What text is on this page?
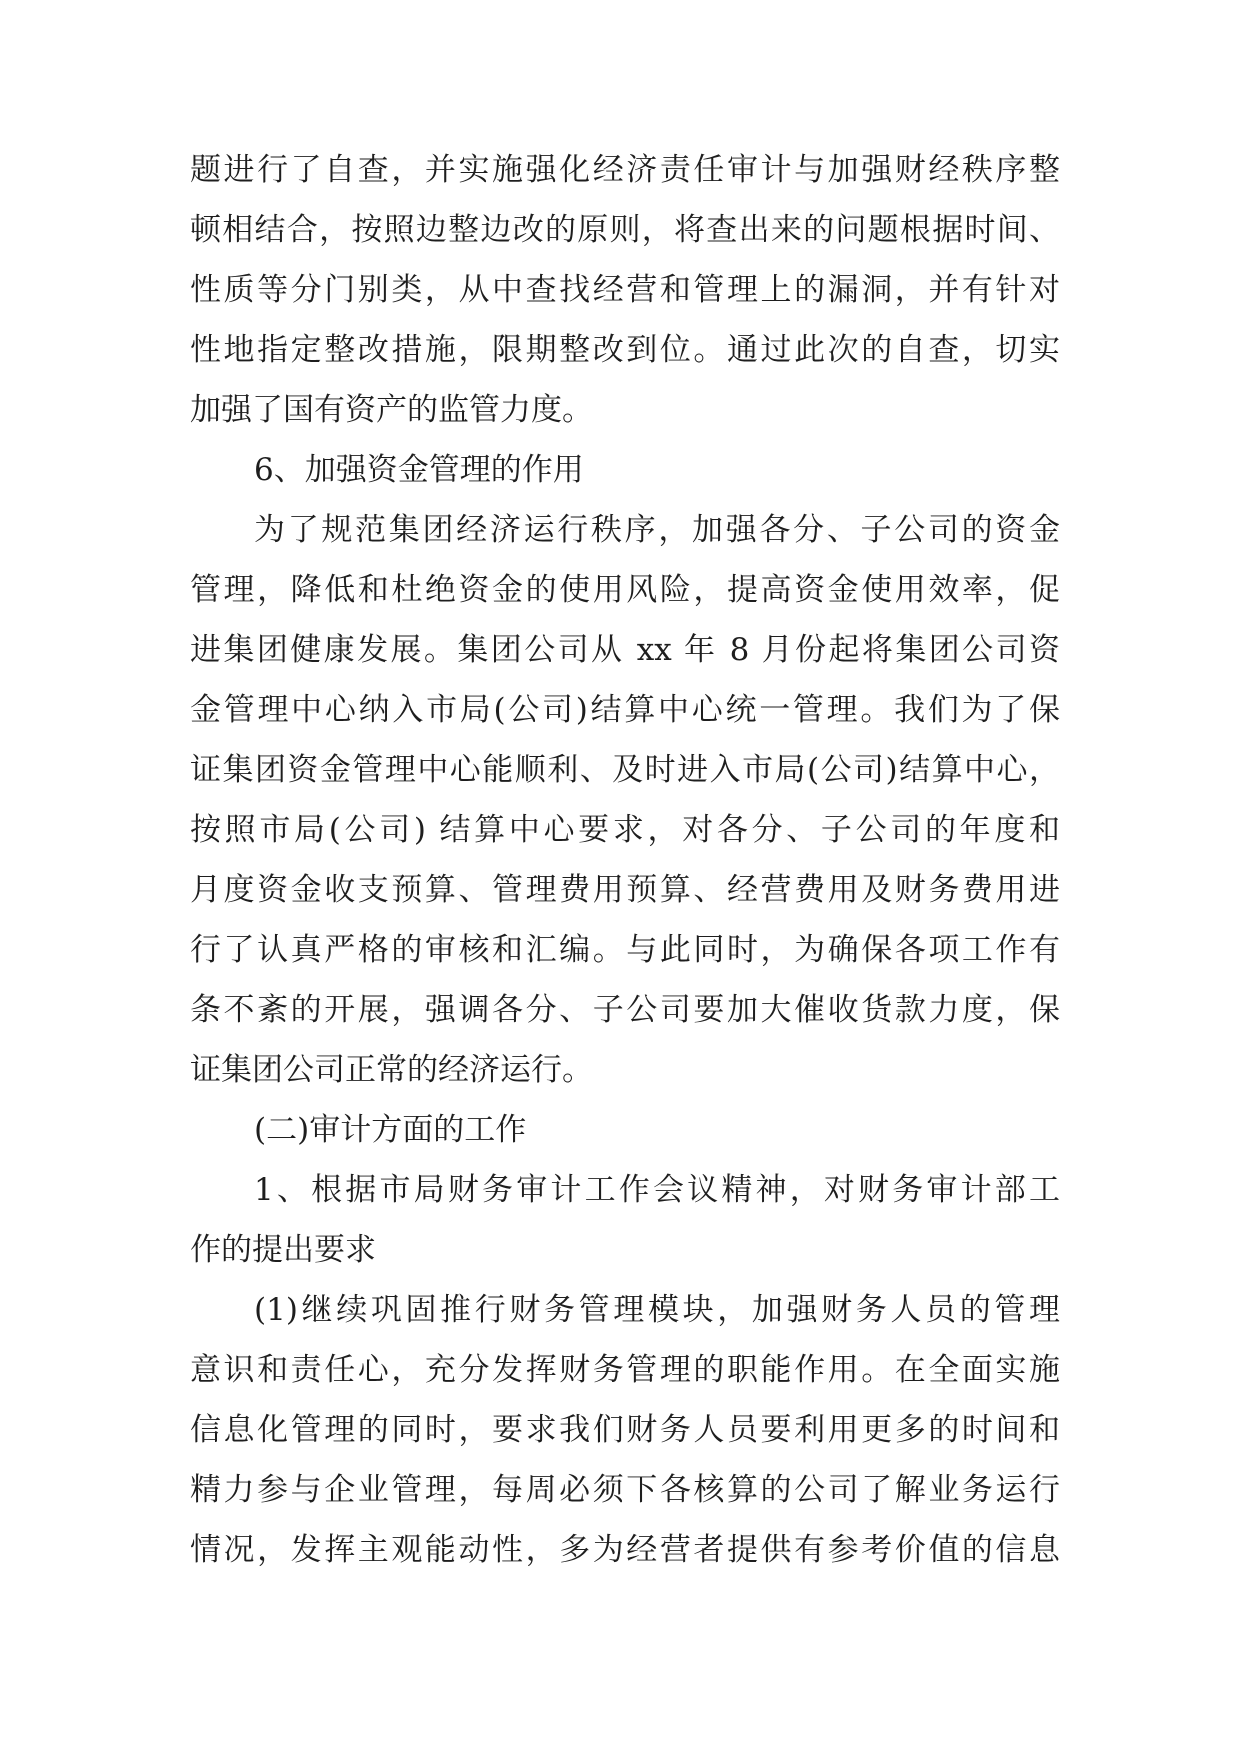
题进行了自查，并实施强化经济责任审计与加强财经秩序整
顿相结合，按照边整边改的原则，将查出来的问题根据时间、
性质等分门别类，从中查找经营和管理上的漏洞，并有针对
性地指定整改措施，限期整改到位。通过此次的自查，切实
加强了国有资产的监管力度。
6、加强资金管理的作用
为了规范集团经济运行秩序，加强各分、子公司的资金
管理，降低和杜绝资金的使用风险，提高资金使用效率，促
进集团健康发展。集团公司从 xx 年 8 月份起将集团公司资
金管理中心纳入市局(公司)结算中心统一管理。我们为了保
证集团资金管理中心能顺利、及时进入市局(公司)结算中心，
按照市局(公司) 结算中心要求，对各分、子公司的年度和
月度资金收支预算、管理费用预算、经营费用及财务费用进
行了认真严格的审核和汇编。与此同时，为确保各项工作有
条不紊的开展，强调各分、子公司要加大催收货款力度，保
证集团公司正常的经济运行。
(二)审计方面的工作
1、根据市局财务审计工作会议精神，对财务审计部工
作的提出要求
(1)继续巩固推行财务管理模块，加强财务人员的管理
意识和责任心，充分发挥财务管理的职能作用。在全面实施
信息化管理的同时，要求我们财务人员要利用更多的时间和
精力参与企业管理，每周必须下各核算的公司了解业务运行
情况，发挥主观能动性，多为经营者提供有参考价值的信息
